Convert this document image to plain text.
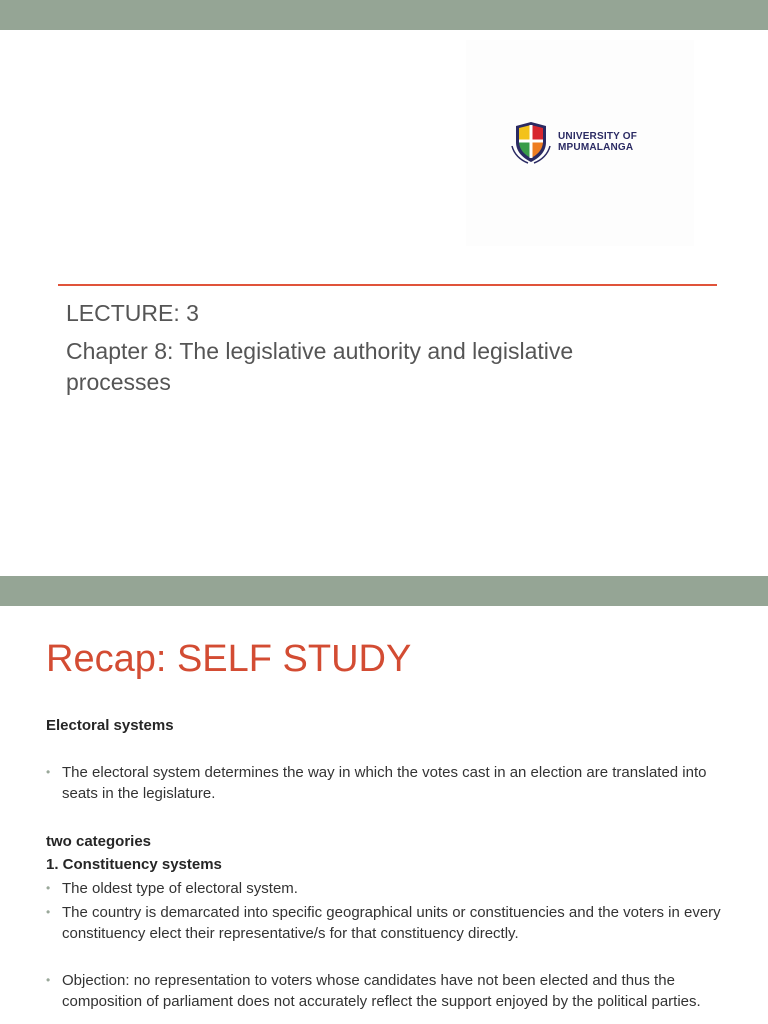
UNIVERSITY OF
MPUMALANGA
LECTURE: 3
Chapter 8: The legislative authority and legislative processes
Recap: SELF STUDY
Electoral systems
• The electoral system determines the way in which the votes cast in an election are translated into seats in the legislature.
two categories
1. Constituency systems
• The oldest type of electoral system.
• The country is demarcated into specific geographical units or constituencies and the voters in every constituency elect their representative/s for that constituency directly.
• Objection: no representation to voters whose candidates have not been elected and thus the composition of parliament does not accurately reflect the support enjoyed by the political parties.
